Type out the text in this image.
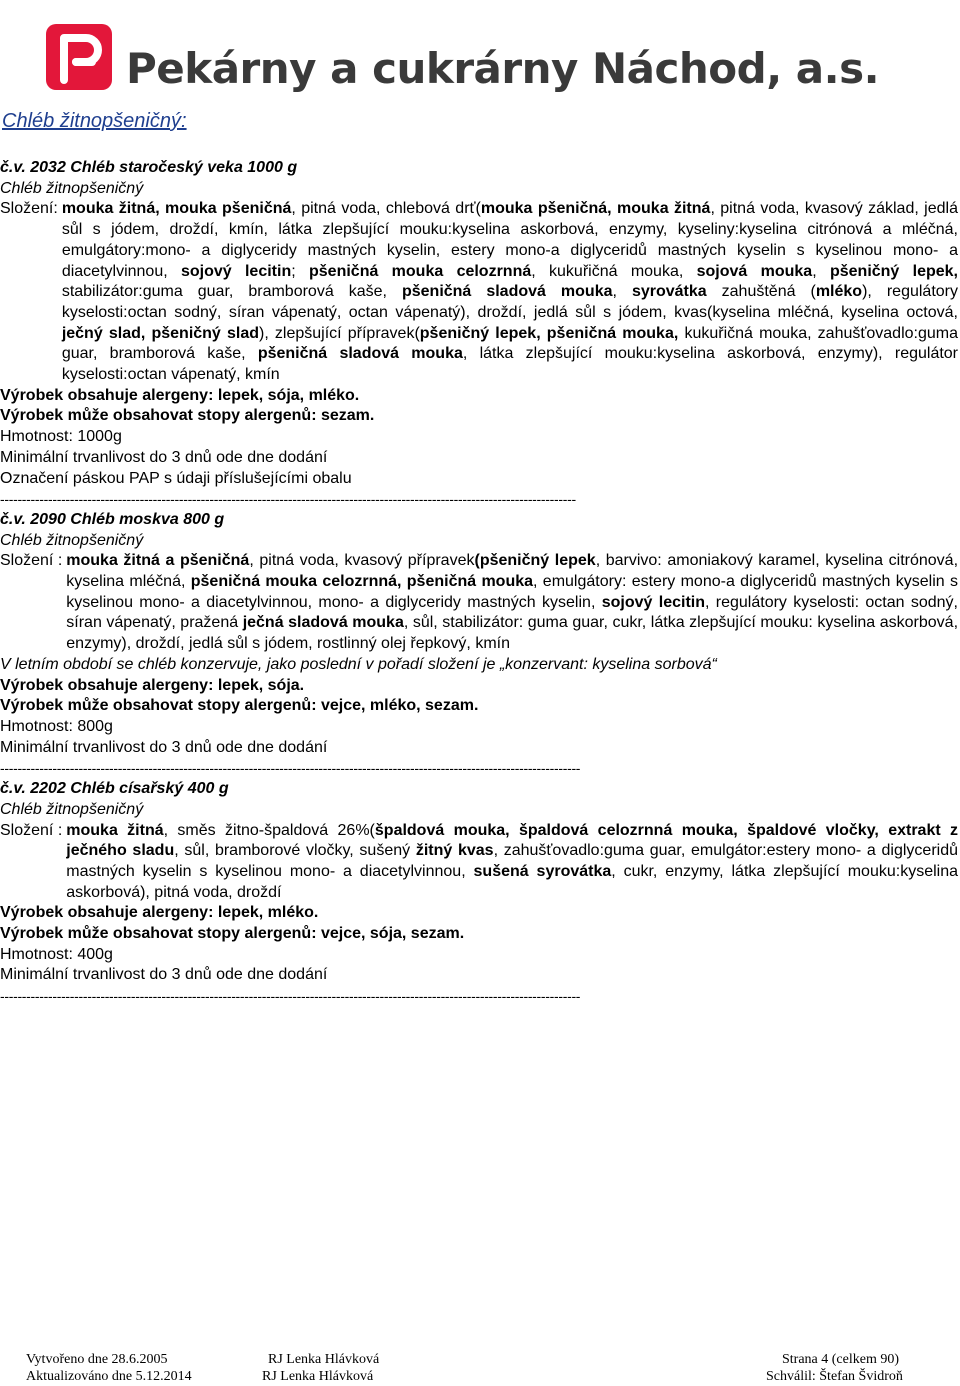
Pekárny a cukrárny Náchod, a.s.
Chléb žitnopšeničný:
č.v. 2032 Chléb staročeský veka 1000 g
Chléb žitnopšeničný
Složení: mouka žitná, mouka pšeničná, pitná voda, chlebová drť(mouka pšeničná, mouka žitná, pitná voda, kvasový základ, jedlá sůl s jódem, droždí, kmín, látka zlepšující mouku:kyselina askorbová, enzymy, kyseliny:kyselina citrónová a mléčná, emulgátory:mono- a diglyceridy mastných kyselin, estery mono-a diglyceridů mastných kyselin s kyselinou mono- a diacetylvinnou, sojový lecitin; pšeničná mouka celozrnná, kukuřičná mouka, sojová mouka, pšeničný lepek, stabilizátor:guma guar, bramborová kaše, pšeničná sladová mouka, syrovátka zahuštěná (mléko), regulátory kyselosti:octan sodný, síran vápenatý, octan vápenatý), droždí, jedlá sůl s jódem, kvas(kyselina mléčná, kyselina octová, ječný slad, pšeničný slad), zlepšující přípravek(pšeničný lepek, pšeničná mouka, kukuřičná mouka, zahušťovadlo:guma guar, bramborová kaše, pšeničná sladová mouka, látka zlepšující mouku:kyselina askorbová, enzymy), regulátor kyselosti:octan vápenatý, kmín
Výrobek obsahuje alergeny: lepek, sója, mléko.
Výrobek může obsahovat stopy alergenů: sezam.
Hmotnost: 1000g
Minimální trvanlivost do 3 dnů ode dne dodání
Označení páskou PAP s údaji příslušejícími obalu
------------------------------------------------------------------------------------------------------------------------------------
č.v. 2090 Chléb moskva 800 g
Chléb žitnopšeničný
Složení : mouka žitná a pšeničná, pitná voda, kvasový přípravek(pšeničný lepek, barvivo: amoniakový karamel, kyselina citrónová, kyselina mléčná, pšeničná mouka celozrnná, pšeničná mouka, emulgátory: estery mono-a diglyceridů mastných kyselin s kyselinou mono- a diacetylvinnou, mono- a diglyceridy mastných kyselin, sojový lecitin, regulátory kyselosti: octan sodný, síran vápenatý, pražená ječná sladová mouka, sůl, stabilizátor: guma guar, cukr, látka zlepšující mouku: kyselina askorbová, enzymy), droždí, jedlá sůl s jódem, rostlinný olej řepkový, kmín
V letním období se chléb konzervuje, jako poslední v pořadí složení je „konzervant: kyselina sorbová“
Výrobek obsahuje alergeny: lepek, sója.
Výrobek může obsahovat stopy alergenů: vejce, mléko, sezam.
Hmotnost: 800g
Minimální trvanlivost do 3 dnů ode dne dodání
-------------------------------------------------------------------------------------------------------------------------------------
č.v. 2202 Chléb císařský 400 g
Chléb žitnopšeničný
Složení : mouka žitná, směs žitno-špaldová 26%(špaldová mouka, špaldová celozrnná mouka, špaldové vločky, extrakt z ječného sladu, sůl, bramborové vločky, sušený žitný kvas, zahušťovadlo:guma guar, emulgátor:estery mono- a diglyceridů mastných kyselin s kyselinou mono- a diacetylvinnou, sušená syrovátka, cukr, enzymy, látka zlepšující mouku:kyselina askorbová), pitná voda, droždí
Výrobek obsahuje alergeny: lepek, mléko.
Výrobek může obsahovat stopy alergenů: vejce, sója, sezam.
Hmotnost: 400g
Minimální trvanlivost do 3 dnů ode dne dodání
-------------------------------------------------------------------------------------------------------------------------------------
Vytvořeno dne 28.6.2005	RJ Lenka Hlávková	Strana 4 (celkem 90)
Aktualizováno dne 5.12.2014	RJ Lenka Hlávková	Schválil: Štefan Švidroň
